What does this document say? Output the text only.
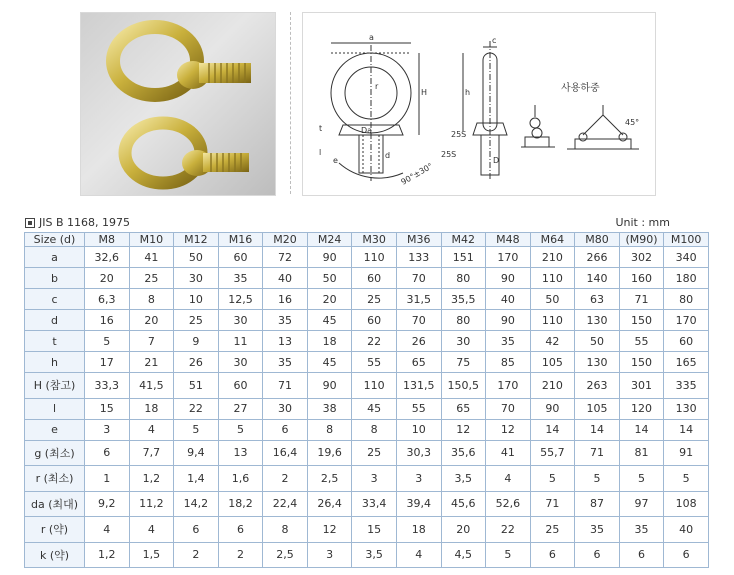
a	c
h
H
t
l
e
d
Da
D
r
25S
25S
90°±30°
45°
사용하중
JIS B 1168, 1975	Unit : mm
Size (d)	M8	M10	M12	M16	M20	M24	M30	M36	M42	M48	M64	M80	(M90)	M100
a	32,6	41	50	60	72	90	110	133	151	170	210	266	302	340
b	20	25	30	35	40	50	60	70	80	90	110	140	160	180
c	6,3	8	10	12,5	16	20	25	31,5	35,5	40	50	63	71	80
d	16	20	25	30	35	45	60	70	80	90	110	130	150	170
t	5	7	9	11	13	18	22	26	30	35	42	50	55	60
h	17	21	26	30	35	45	55	65	75	85	105	130	150	165
H (참고)	33,3	41,5	51	60	71	90	110	131,5	150,5	170	210	263	301	335
l	15	18	22	27	30	38	45	55	65	70	90	105	120	130
e	3	4	5	5	6	8	8	10	12	12	14	14	14	14
g (최소)	6	7,7	9,4	13	16,4	19,6	25	30,3	35,6	41	55,7	71	81	91
r (최소)	1	1,2	1,4	1,6	2	2,5	3	3	3,5	4	5	5	5	5
da (최대)	9,2	11,2	14,2	18,2	22,4	26,4	33,4	39,4	45,6	52,6	71	87	97	108
r (약)	4	4	6	6	8	12	15	18	20	22	25	35	35	40
k (약)	1,2	1,5	2	2	2,5	3	3,5	4	4,5	5	6	6	6	6
